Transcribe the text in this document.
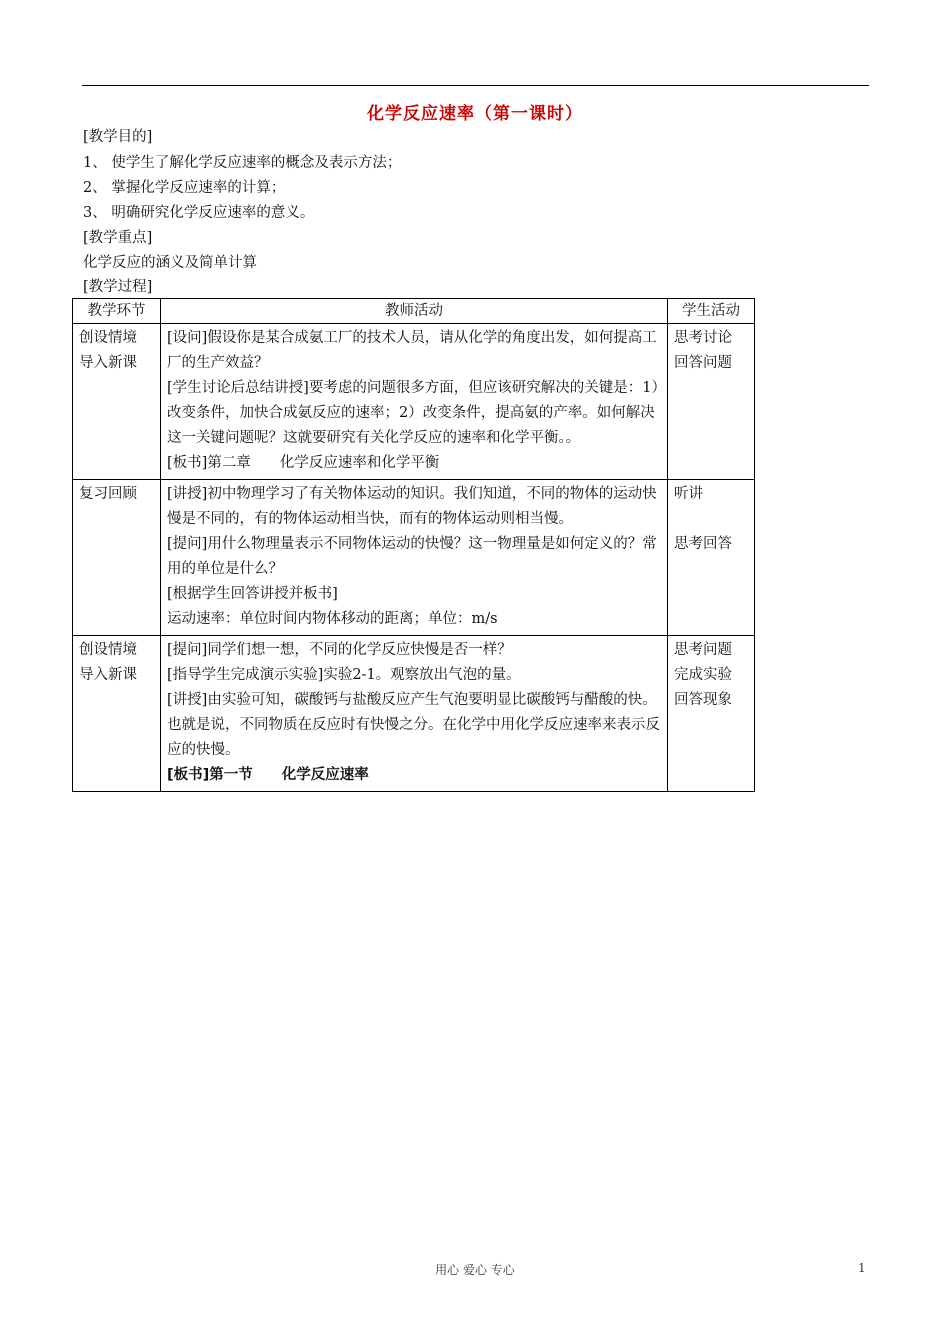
化学反应速率（第一课时）
[教学目的]
1、 使学生了解化学反应速率的概念及表示方法；
2、 掌握化学反应速率的计算；
3、 明确研究化学反应速率的意义。
[教学重点]
化学反应的涵义及简单计算
[教学过程]
教学环节	教师活动	学生活动

创设情境
导入新课	[设问]假设你是某合成氨工厂的技术人员，请从化学的角度出发，如何提高工厂的生产效益？
[学生讨论后总结讲授]要考虑的问题很多方面，但应该研究解决的关键是：1）改变条件，加快合成氨反应的速率；2）改变条件，提高氨的产率。如何解决这一关键问题呢？这就要研究有关化学反应的速率和化学平衡。。
[板书]第二章　　化学反应速率和化学平衡	思考讨论
回答问题

复习回顾	[讲授]初中物理学习了有关物体运动的知识。我们知道，不同的物体的运动快慢是不同的，有的物体运动相当快，而有的物体运动则相当慢。
[提问]用什么物理量表示不同物体运动的快慢？这一物理量是如何定义的？常用的单位是什么？
[根据学生回答讲授并板书]
运动速率：单位时间内物体移动的距离；单位：m/s	听讲
思考回答

创设情境
导入新课	[提问]同学们想一想，不同的化学反应快慢是否一样？
[指导学生完成演示实验]实验2-1。观察放出气泡的量。
[讲授]由实验可知，碳酸钙与盐酸反应产生气泡要明显比碳酸钙与醋酸的快。也就是说，不同物质在反应时有快慢之分。在化学中用化学反应速率来表示反应的快慢。
[板书]第一节　　化学反应速率	思考问题
完成实验
回答现象
用心 爱心 专心	1
